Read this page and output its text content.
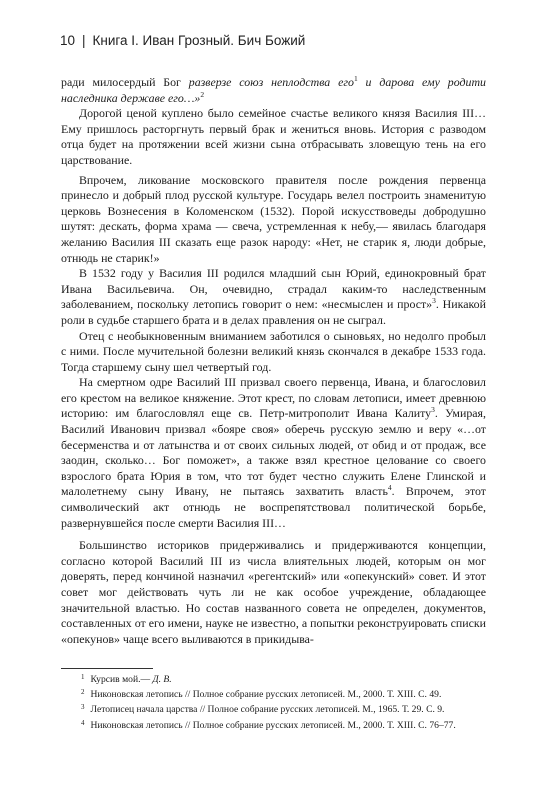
10 | Книга I. Иван Грозный. Бич Божий

ради милосердый Бог разверзе союз неплодства его$^1$ и дарова ему родити наследника державе его…»$^2$

Дорогой ценой куплено было семейное счастье великого князя Василия III… Ему пришлось расторгнуть первый брак и жениться вновь. История с разводом отца будет на протяжении всей жизни сына отбрасывать зловещую тень на его царствование.

Впрочем, ликование московского правителя после рождения первенца принесло и добрый плод русской культуре. Государь велел построить знаменитую церковь Вознесения в Коломенском (1532). Порой искусствоведы добродушно шутят: дескать, форма храма — свеча, устремленная к небу,— явилась благодаря желанию Василия III сказать еще разок народу: «Нет, не старик я, люди добрые, отнюдь не старик!»

В 1532 году у Василия III родился младший сын Юрий, единокровный брат Ивана Васильевича. Он, очевидно, страдал каким-то наследственным заболеванием, поскольку летопись говорит о нем: «несмыслен и прост»$^3$. Никакой роли в судьбе старшего брата и в делах правления он не сыграл.

Отец с необыкновенным вниманием заботился о сыновьях, но недолго пробыл с ними. После мучительной болезни великий князь скончался в декабре 1533 года. Тогда старшему сыну шел четвертый год.

На смертном одре Василий III призвал своего первенца, Ивана, и благословил его крестом на великое княжение. Этот крест, по словам летописи, имеет древнюю историю: им благословлял еще св. Петр-митрополит Ивана Калиту$^3$. Умирая, Василий Иванович призвал «бояре своя» оберечь русскую землю и веру «…от бесерменства и от латынства и от своих сильных людей, от обид и от продаж, все заодин, сколько… Бог поможет», а также взял крестное целование со своего взрослого брата Юрия в том, что тот будет честно служить Елене Глинской и малолетнему сыну Ивану, не пытаясь захватить власть$^4$. Впрочем, этот символический акт отнюдь не воспрепятствовал политической борьбе, развернувшейся после смерти Василия III…

Большинство историков придерживались и придерживаются концепции, согласно которой Василий III из числа влиятельных людей, которым он мог доверять, перед кончиной назначил «регентский» или «опекунский» совет. И этот совет мог действовать чуть ли не как особое учреждение, обладающее значительной властью. Но состав названного совета не определен, документов, составленных от его имени, науке не известно, а попытки реконструировать списки «опекунов» чаще всего выливаются в прикидыва-

$^1$ Курсив мой.— Д. В.

$^2$ Никоновская летопись // Полное собрание русских летописей. М., 2000. Т. XIII. С. 49.

$^3$ Летописец начала царства // Полное собрание русских летописей. М., 1965. Т. 29. С. 9.

$^4$ Никоновская летопись // Полное собрание русских летописей. М., 2000. Т. XIII. С. 76–77.
